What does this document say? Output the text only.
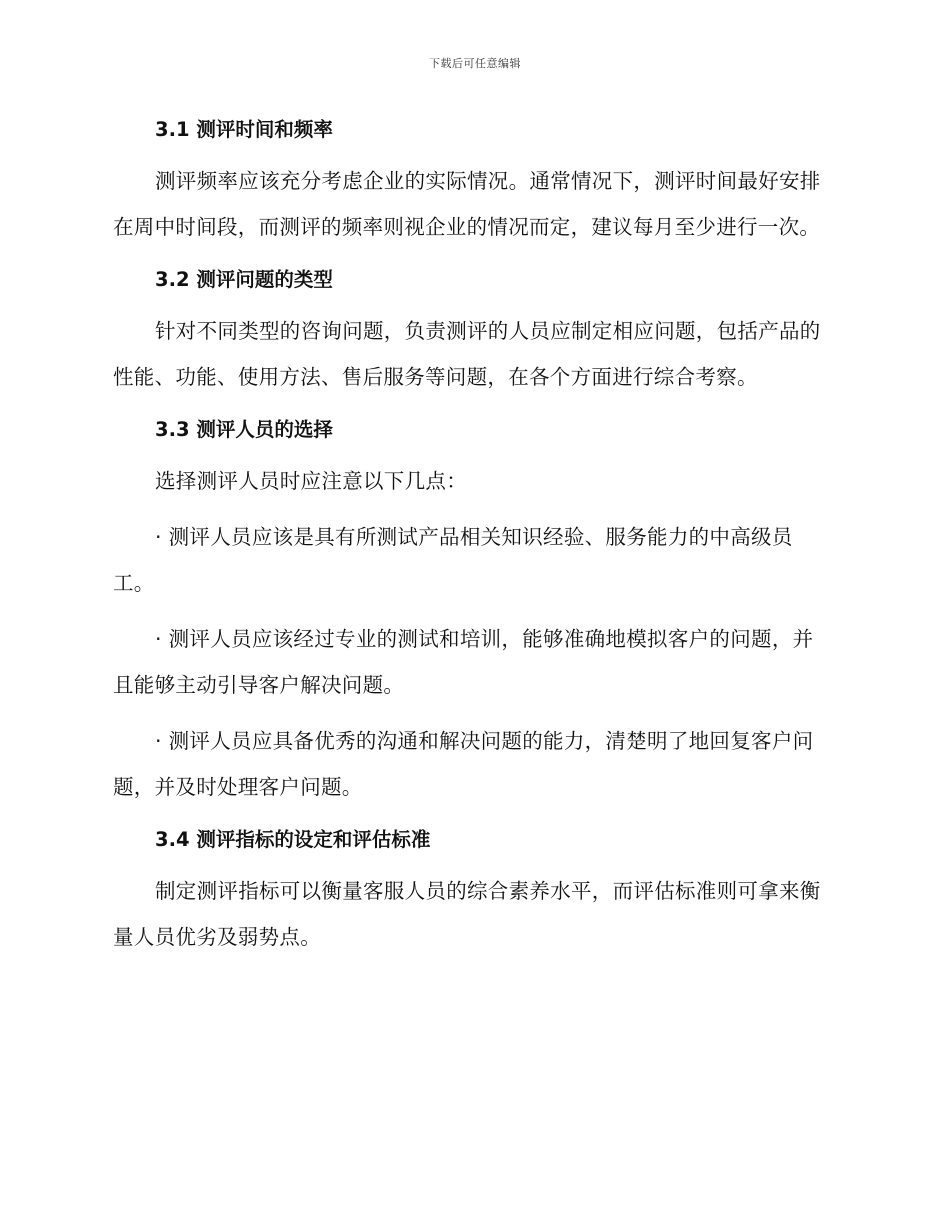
下载后可任意编辑
3.1 测评时间和频率

测评频率应该充分考虑企业的实际情况。通常情况下，测评时间最好安排在周中时间段，而测评的频率则视企业的情况而定，建议每月至少进行一次。

3.2 测评问题的类型

针对不同类型的咨询问题，负责测评的人员应制定相应问题，包括产品的性能、功能、使用方法、售后服务等问题，在各个方面进行综合考察。

3.3 测评人员的选择

选择测评人员时应注意以下几点：

· 测评人员应该是具有所测试产品相关知识经验、服务能力的中高级员工。

· 测评人员应该经过专业的测试和培训，能够准确地模拟客户的问题，并且能够主动引导客户解决问题。

· 测评人员应具备优秀的沟通和解决问题的能力，清楚明了地回复客户问题，并及时处理客户问题。

3.4 测评指标的设定和评估标准

制定测评指标可以衡量客服人员的综合素养水平，而评估标准则可拿来衡量人员优劣及弱势点。
